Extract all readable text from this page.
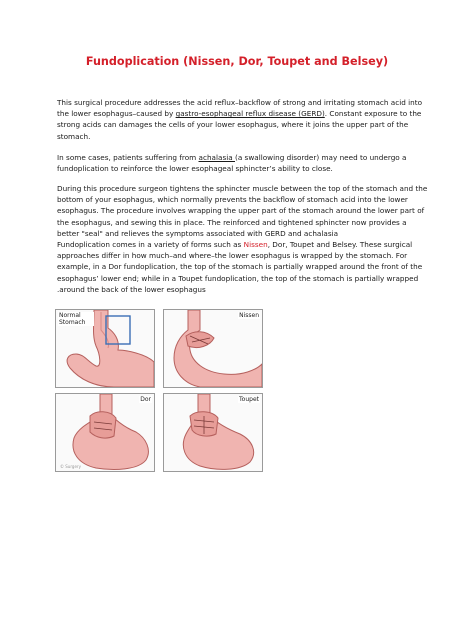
Fundoplication (Nissen, Dor, Toupet and Belsey)
This surgical procedure addresses the acid reflux–backflow of strong and irritating stomach acid into the lower esophagus–caused by gastro-esophageal reflux disease (GERD). Constant exposure to the strong acids can damages the cells of your lower esophagus, where it joins the upper part of the stomach.
In some cases, patients suffering from achalasia (a swallowing disorder) may need to undergo a fundoplication to reinforce the lower esophageal sphincter’s ability to close.
During this procedure surgeon tightens the sphincter muscle between the top of the stomach and the bottom of your esophagus, which normally prevents the backflow of stomach acid into the lower esophagus. The procedure involves wrapping the upper part of the stomach around the lower part of the esophagus, and sewing this in place. The reinforced and tightened sphincter now provides a better "seal" and relieves the symptoms associated with GERD and achalasia
Fundoplication comes in a variety of forms such as Nissen, Dor, Toupet and Belsey. These surgical approaches differ in how much–and where–the lower esophagus is wrapped by the stomach. For example, in a Dor fundoplication, the top of the stomach is partially wrapped around the front of the esophagus’ lower end; while in a Toupet fundoplication, the top of the stomach is partially wrapped .around the back of the lower esophagus
Normal Stomach
Nissen
Dor
© Surgery
Toupet
